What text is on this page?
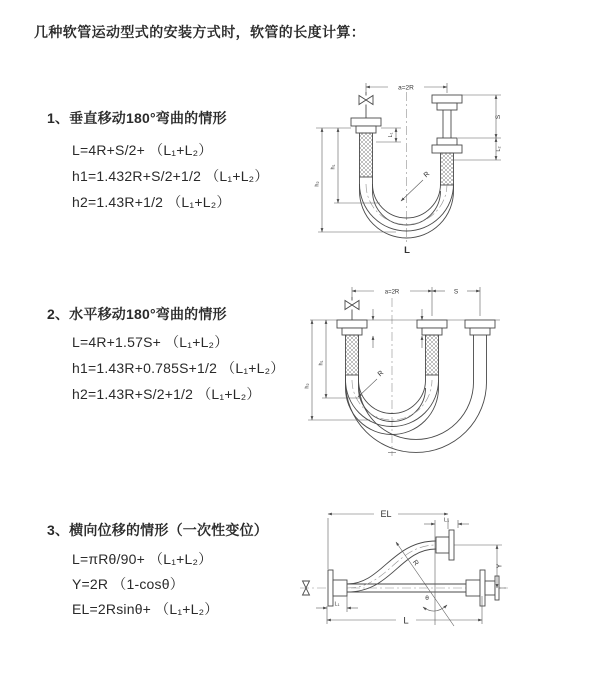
几种软管运动型式的安装方式时，软管的长度计算：
1、垂直移动180°弯曲的情形
L=4R+S/2+ （L₁+L₂）
h1=1.432R+S/2+1/2 （L₁+L₂）
h2=1.43R+1/2 （L₁+L₂）
2、水平移动180°弯曲的情形
L=4R+1.57S+ （L₁+L₂）
h1=1.43R+0.785S+1/2 （L₁+L₂）
h2=1.43R+S/2+1/2 （L₁+L₂）
3、横向位移的情形（一次性变位）
L=πRθ/90+ （L₁+L₂）
Y=2R （1-cosθ）
EL=2Rsinθ+ （L₁+L₂）
a=2R
L₁
h₁
h₂
R
S
L₂
L
a=2R	S
h₁
h₂
R
EL
L₁
Y
R
θ
L₁
L
